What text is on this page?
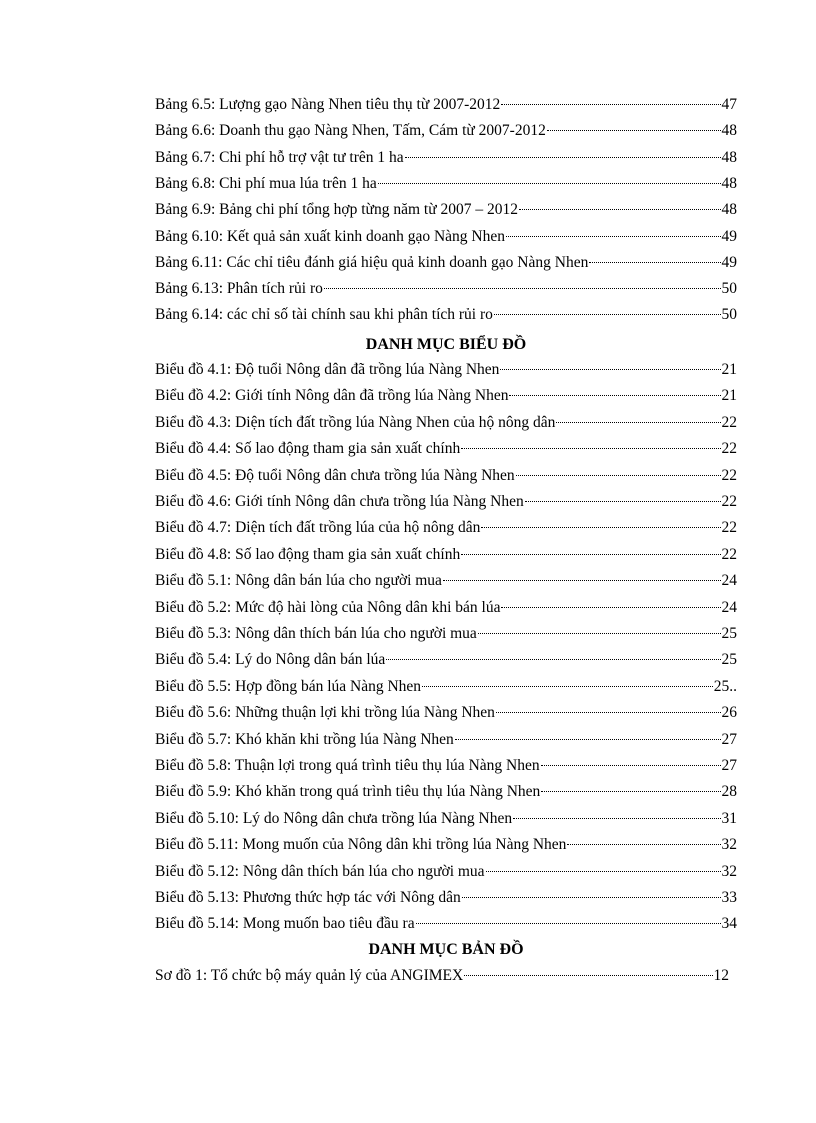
Bảng 6.5: Lượng gạo Nàng Nhen tiêu thụ từ 2007-2012	47
Bảng 6.6: Doanh thu gạo Nàng Nhen, Tấm, Cám từ 2007-2012	48
Bảng 6.7: Chi phí hỗ trợ vật tư trên 1 ha	48
Bảng 6.8: Chi phí mua lúa trên 1 ha	48
Bảng 6.9: Bảng chi phí tổng hợp từng năm từ 2007 – 2012	48
Bảng 6.10: Kết quả sản xuất kinh doanh gạo Nàng Nhen	49
Bảng 6.11: Các chỉ tiêu đánh giá hiệu quả kinh doanh gạo Nàng Nhen	49
Bảng 6.13: Phân tích rủi ro	50
Bảng 6.14: các chỉ số tài chính sau khi phân tích rủi ro	50
DANH MỤC BIỂU ĐỒ
Biểu đồ 4.1: Độ tuổi Nông dân đã trồng lúa Nàng Nhen	21
Biểu đồ 4.2: Giới tính Nông dân đã trồng lúa Nàng Nhen	21
Biểu đồ 4.3: Diện tích đất trồng lúa Nàng Nhen của hộ nông dân	22
Biểu đồ 4.4: Số lao động tham gia sản xuất chính	22
Biểu đồ 4.5: Độ tuổi Nông dân chưa trồng lúa Nàng Nhen	22
Biểu đồ 4.6: Giới tính Nông dân chưa trồng lúa Nàng Nhen	22
Biểu đồ 4.7: Diện tích đất trồng lúa của hộ nông dân	22
Biểu đồ 4.8: Số lao động tham gia sản xuất chính	22
Biểu đồ 5.1: Nông dân bán lúa cho người mua	24
Biểu đồ 5.2: Mức độ hài lòng của Nông dân khi bán lúa	24
Biểu đồ 5.3: Nông dân thích bán lúa cho người mua	25
Biểu đồ 5.4: Lý do Nông dân bán lúa	25
Biểu đồ 5.5: Hợp đồng bán lúa Nàng Nhen	25..
Biểu đồ 5.6: Những thuận lợi khi trồng lúa Nàng Nhen	26
Biểu đồ 5.7: Khó khăn khi trồng lúa Nàng Nhen	27
Biểu đồ 5.8: Thuận lợi trong quá trình tiêu thụ lúa Nàng Nhen	27
Biểu đồ 5.9: Khó khăn trong quá trình tiêu thụ lúa Nàng Nhen	28
Biểu đồ 5.10: Lý do Nông dân chưa trồng lúa Nàng Nhen	31
Biểu đồ 5.11: Mong muốn của Nông dân khi trồng lúa Nàng Nhen	32
Biểu đồ 5.12: Nông dân thích bán lúa cho người mua	32
Biểu đồ 5.13: Phương thức hợp tác với Nông dân	33
Biểu đồ 5.14: Mong muốn bao tiêu đầu ra	34
DANH MỤC BẢN ĐỒ
Sơ đồ 1: Tổ chức bộ máy quản lý của ANGIMEX	12
